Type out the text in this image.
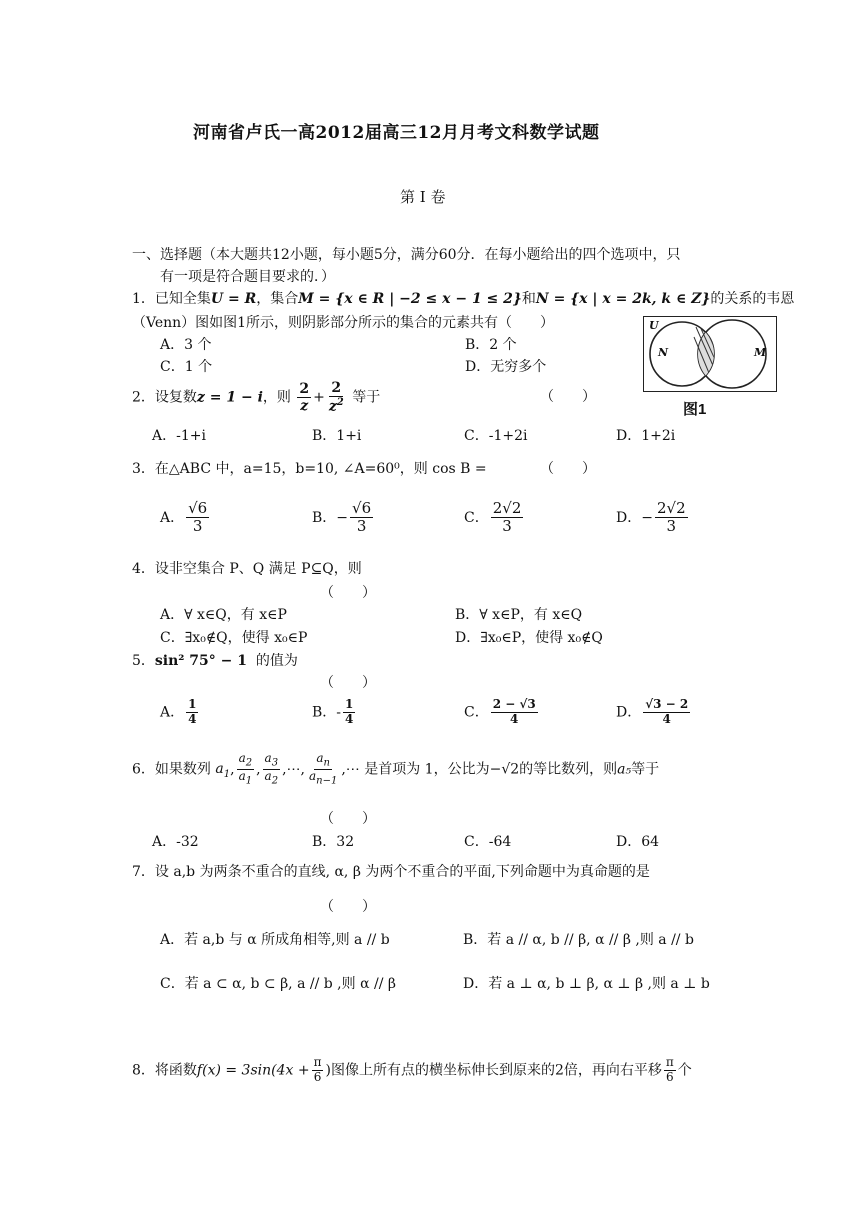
河南省卢氏一高2012届高三12月月考文科数学试题
第 Ⅰ 卷
一、选择题（本大题共12小题，每小题5分，满分60分．在每小题给出的四个选项中，只
有一项是符合题目要求的．）
1．已知全集U = R，集合M = {x ∈ R | −2 ≤ x − 1 ≤ 2}和N = {x | x = 2k, k ∈ Z}的关系的韦恩
（Venn）图如图1所示，则阴影部分所示的集合的元素共有（　　）
A．3 个	B．2 个
C．1 个	D．无穷多个
U
N	M
图1
2．设复数z = 1 − i，则 $\frac{2}{z} + \frac{2}{z^2}$ 等于	（　　）
A．-1+i	B．1+i	C．-1+2i	D．1+2i
3．在△ABC 中，a=15，b=10, ∠A=60⁰，则 cos B =	（　　）
A． $\frac{√6}{3}$	B．− $\frac{√6}{3}$	C． $\frac{2√2}{3}$	D．− $\frac{2√2}{3}$
4．设非空集合 P、Q 满足 P⊆Q，则
（　　）
A．∀ x∈Q，有 x∈P	B．∀ x∈P，有 x∈Q
C．∃x₀∉Q，使得 x₀∈P	D．∃x₀∈P，使得 x₀∉Q
5．sin² 75° − 1 的值为
（　　）
A． $\frac{1}{4}$	B．- $\frac{1}{4}$	C． $\frac{2 - √3}{4}$	D． $\frac{√3 - 2}{4}$
6．如果数列 $a_1$, $\frac{a_2}{a_1}$ , $\frac{a_3}{a_2}$ ,⋯, $\frac{a_n}{a_{n-1}}$ ,⋯ 是首项为 1，公比为−√2的等比数列，则a₅等于
（　　）
A．-32	B．32	C．-64	D．64
7．设 a,b 为两条不重合的直线, α, β 为两个不重合的平面,下列命题中为真命题的是
（　　）
A．若 a,b 与 α 所成角相等,则 a // b	B．若 a // α, b // β, α // β ,则 a // b
C．若 a ⊂ α, b ⊂ β, a // b ,则 α // β	D．若 a ⊥ α, b ⊥ β, α ⊥ β ,则 a ⊥ b
8．将函数$f(x) = 3\sin(4x + \frac{\pi}{6}$ )图像上所有点的横坐标伸长到原来的2倍，再向右平移 $\frac{\pi}{6}$ 个
